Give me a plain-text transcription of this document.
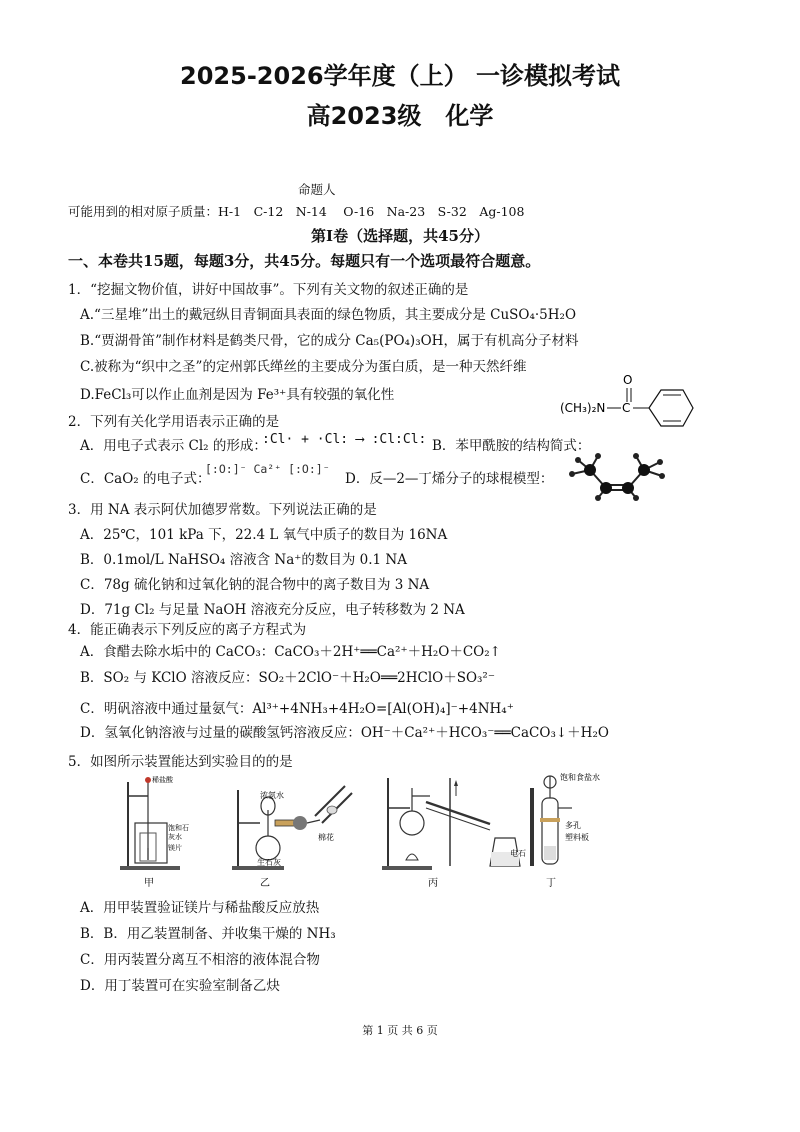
2025-2026学年度（上） 一诊模拟考试
高2023级　化学
命题人
可能用到的相对原子质量：H-1　C-12　N-14　 O-16　Na-23　S-32　Ag-108
第Ⅰ卷（选择题，共45分）
一、本卷共15题，每题3分，共45分。每题只有一个选项最符合题意。
1．“挖掘文物价值，讲好中国故事”。下列有关文物的叙述正确的是
A.“三星堆”出土的戴冠纵目青铜面具表面的绿色物质，其主要成分是 CuSO₄·5H₂O
B.“贾湖骨笛”制作材料是鹤类尺骨，它的成分 Ca₅(PO₄)₃OH，属于有机高分子材料
C.被称为“织中之圣”的定州郭氏缂丝的主要成分为蛋白质，是一种天然纤维
D.FeCl₃可以作止血剂是因为 Fe³⁺具有较强的氧化性
O
(CH₃)₂N C
2．下列有关化学用语表示正确的是
A．用电子式表示 Cl₂ 的形成：
:Cl· + ·Cl: ⟶ :Cl:Cl: B．苯甲酰胺的结构简式：
C．CaO₂ 的电子式：
[:O:]⁻ Ca²⁺ [:O:]⁻
D．反—2—丁烯分子的球棍模型：
3．用 NA 表示阿伏加德罗常数。下列说法正确的是
A．25℃，101 kPa 下，22.4 L 氧气中质子的数目为 16NA
B．0.1mol/L NaHSO₄ 溶液含 Na⁺的数目为 0.1 NA
C．78g 硫化钠和过氧化钠的混合物中的离子数目为 3 NA
D．71g Cl₂ 与足量 NaOH 溶液充分反应，电子转移数为 2 NA
4．能正确表示下列反应的离子方程式为
A．食醋去除水垢中的 CaCO₃：CaCO₃＋2H⁺══Ca²⁺＋H₂O＋CO₂↑
B．SO₂ 与 KClO 溶液反应：SO₂＋2ClO⁻＋H₂O══2HClO＋SO₃²⁻
C．明矾溶液中通过量氨气：Al³⁺+4NH₃+4H₂O=[Al(OH)₄]⁻+4NH₄⁺
D．氢氧化钠溶液与过量的碳酸氢钙溶液反应：OH⁻＋Ca²⁺＋HCO₃⁻══CaCO₃↓＋H₂O
5．如图所示装置能达到实验目的的是
稀盐酸
饱和石
灰水
镁片
甲
浓氨水
棉花
生石灰
乙	丙
饱和食盐水
多孔
塑料板
电石
丁
A．用甲装置验证镁片与稀盐酸反应放热
B．B．用乙装置制备、并收集干燥的 NH₃
C．用丙装置分离互不相溶的液体混合物
D．用丁装置可在实验室制备乙炔
第 1 页 共 6 页
